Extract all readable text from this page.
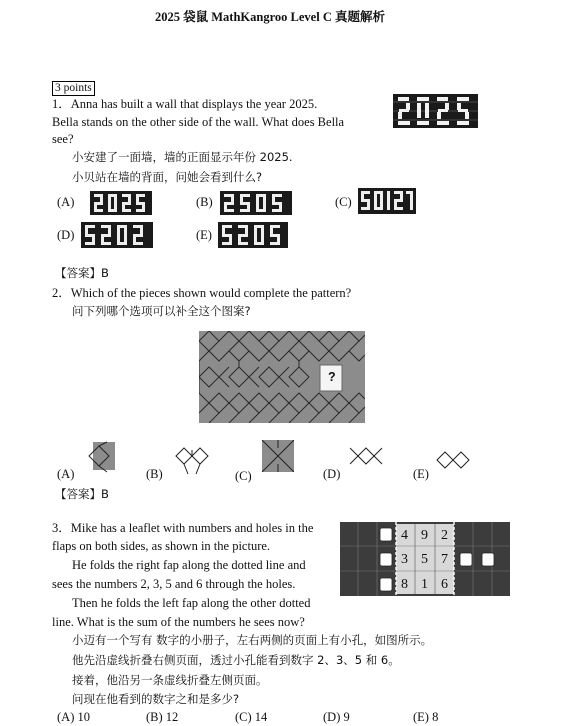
2025 袋鼠 MathKangroo Level C 真题解析
3 points
1．Anna has built a wall that displays the year 2025.
Bella stands on the other side of the wall. What does Bella
see?
小安建了一面墙，墙的正面显示年份 2025.
小贝站在墙的背面，问她会看到什么?
(A)	(B)	(C)
(D)	(E)
【答案】B
2．Which of the pieces shown would complete the pattern?
问下列哪个选项可以补全这个图案?
?
(A)	(B)	(C)	(D)	(E)
【答案】B
3．Mike has a leaflet with numbers and holes in the
flaps on both sides, as shown in the picture.
He folds the right fap along the dotted line and
sees the numbers 2, 3, 5 and 6 through the holes.
Then he folds the left fap along the other dotted
line. What is the sum of the numbers he sees now?
小迈有一个写有 数字的小册子，左右两侧的页面上有小孔，如图所示。
他先沿虚线折叠右侧页面，透过小孔能看到数字 2、3、5 和 6。
接着，他沿另一条虚线折叠左侧页面。
问现在他看到的数字之和是多少?
4 9 2
3 5 7
8 1 6
(A) 10	(B) 12	(C) 14	(D) 9	(E) 8
